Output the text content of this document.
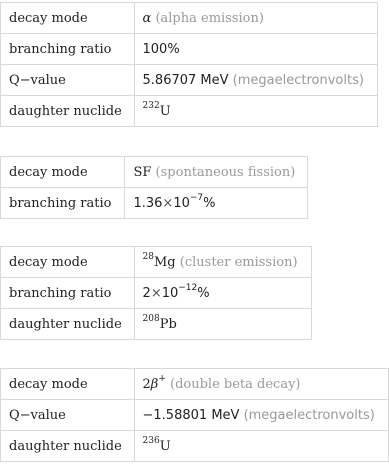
decay mode	α (alpha emission)
branching ratio	100%
Q−value	5.86707 MeV (megaelectronvolts)
daughter nuclide	$^{232}$U
decay mode	SF (spontaneous fission)
branching ratio	$1.36\times 10^{-7}\%$
decay mode	$^{28}$Mg (cluster emission)
branching ratio	$2\times 10^{-12}\%$
daughter nuclide	$^{208}$Pb
decay mode	2β+ (double beta decay)
Q−value	−1.58801 MeV (megaelectronvolts)
daughter nuclide	$^{236}$U
